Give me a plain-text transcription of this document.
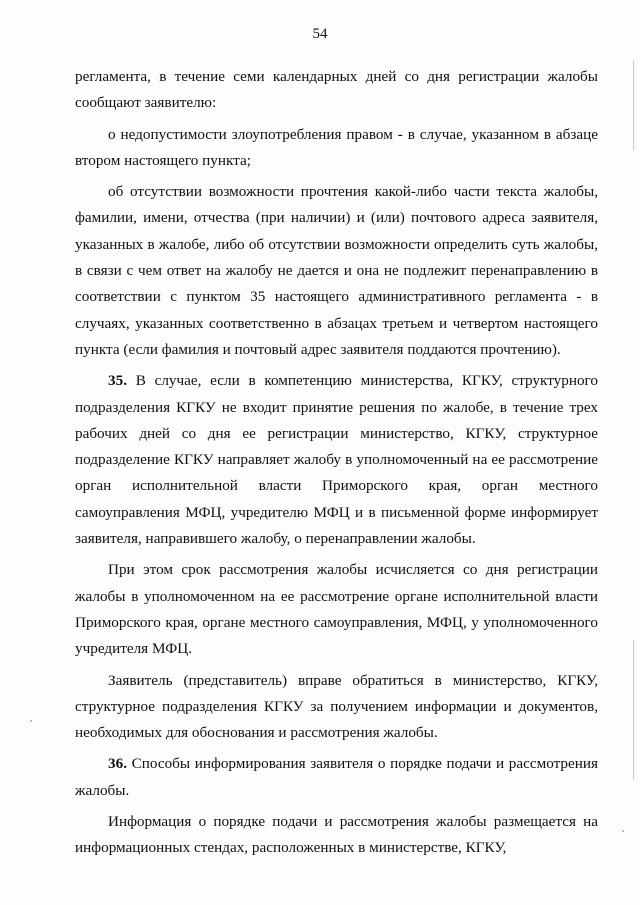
54

регламента, в течение семи календарных дней со дня регистрации жалобы сообщают заявителю:

о недопустимости злоупотребления правом - в случае, указанном в абзаце втором настоящего пункта;

об отсутствии возможности прочтения какой-либо части текста жалобы, фамилии, имени, отчества (при наличии) и (или) почтового адреса заявителя, указанных в жалобе, либо об отсутствии возможности определить суть жалобы, в связи с чем ответ на жалобу не дается и она не подлежит перенаправлению в соответствии с пунктом 35 настоящего административного регламента - в случаях, указанных соответственно в абзацах третьем и четвертом настоящего пункта (если фамилия и почтовый адрес заявителя поддаются прочтению).

35. В случае, если в компетенцию министерства, КГКУ, структурного подразделения КГКУ не входит принятие решения по жалобе, в течение трех рабочих дней со дня ее регистрации министерство, КГКУ, структурное подразделение КГКУ направляет жалобу в уполномоченный на ее рассмотрение орган исполнительной власти Приморского края, орган местного самоуправления МФЦ, учредителю МФЦ и в письменной форме информирует заявителя, направившего жалобу, о перенаправлении жалобы.

При этом срок рассмотрения жалобы исчисляется со дня регистрации жалобы в уполномоченном на ее рассмотрение органе исполнительной власти Приморского края, органе местного самоуправления, МФЦ, у уполномоченного учредителя МФЦ.

Заявитель (представитель) вправе обратиться в министерство, КГКУ, структурное подразделения КГКУ за получением информации и документов, необходимых для обоснования и рассмотрения жалобы.

36. Способы информирования заявителя о порядке подачи и рассмотрения жалобы.

Информация о порядке подачи и рассмотрения жалобы размещается на информационных стендах, расположенных в министерстве, КГКУ,
